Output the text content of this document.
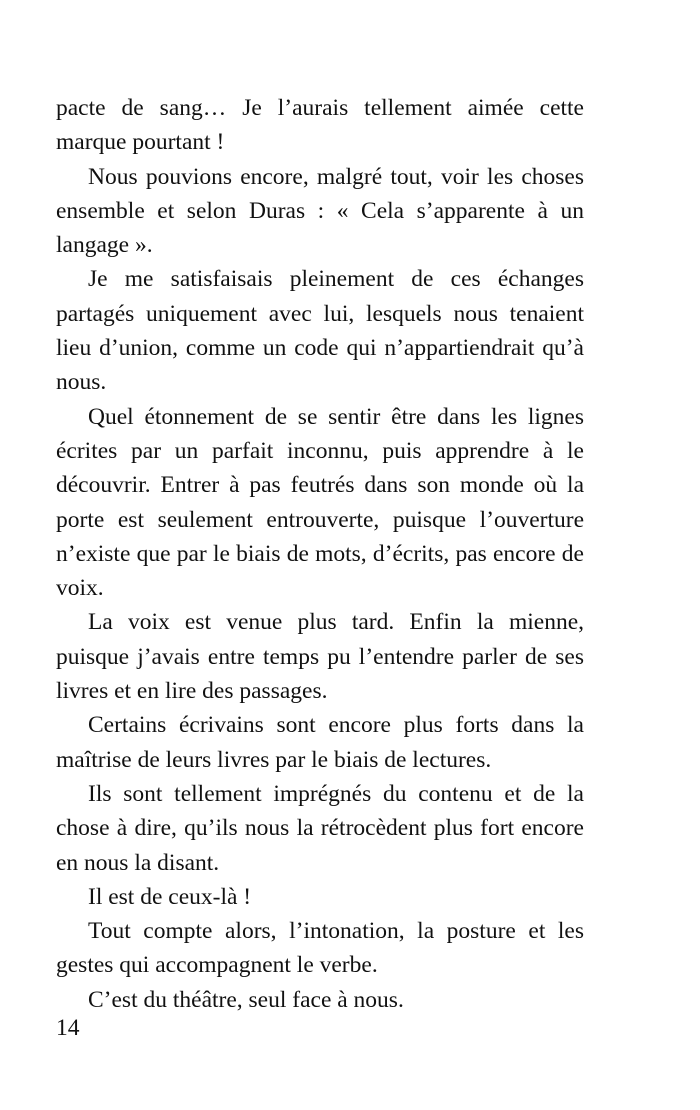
pacte de sang… Je l’aurais tellement aimée cette marque pourtant !

Nous pouvions encore, malgré tout, voir les choses ensemble et selon Duras : « Cela s’apparente à un langage ».

Je me satisfaisais pleinement de ces échanges partagés uniquement avec lui, lesquels nous tenaient lieu d’union, comme un code qui n’appartiendrait qu’à nous.

Quel étonnement de se sentir être dans les lignes écrites par un parfait inconnu, puis apprendre à le découvrir. Entrer à pas feutrés dans son monde où la porte est seulement entrouverte, puisque l’ouverture n’existe que par le biais de mots, d’écrits, pas encore de voix.

La voix est venue plus tard. Enfin la mienne, puisque j’avais entre temps pu l’entendre parler de ses livres et en lire des passages.

Certains écrivains sont encore plus forts dans la maîtrise de leurs livres par le biais de lectures.

Ils sont tellement imprégnés du contenu et de la chose à dire, qu’ils nous la rétrocèdent plus fort encore en nous la disant.

Il est de ceux-là !

Tout compte alors, l’intonation, la posture et les gestes qui accompagnent le verbe.

C’est du théâtre, seul face à nous.

14
